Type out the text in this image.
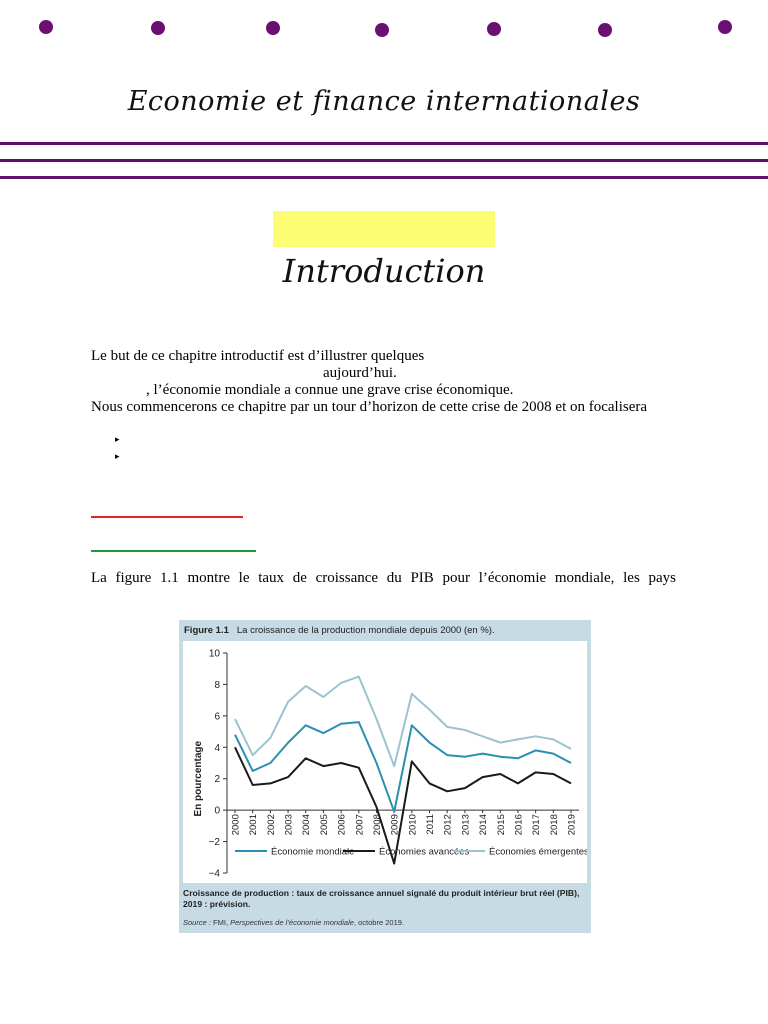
Economie et finance internationales
Introduction
Le but de ce chapitre introductif est d’illustrer quelques
aujourd’hui.
, l’économie mondiale a connue une grave crise économique.
Nous commencerons ce chapitre par un tour d’horizon de cette crise de 2008 et on focalisera
▸
▸
La figure 1.1 montre le taux de croissance du PIB pour l’économie mondiale, les pays
Figure 1.1 La croissance de la production mondiale depuis 2000 (en %).
10
8
6
4
2
0
−2
−4
En pourcentage
2000 2001 2002 2003 2004 2005 2006 2007 2008 2009 2010 2011 2012 2013 2014 2015 2016 2017 2018 2019
Économie mondiale	Économies avancées Économies émergentes
Croissance de production : taux de croissance annuel signalé du produit intérieur brut réel (PIB), 2019 : prévision.
Source : FMI, Perspectives de l’économie mondiale, octobre 2019.
